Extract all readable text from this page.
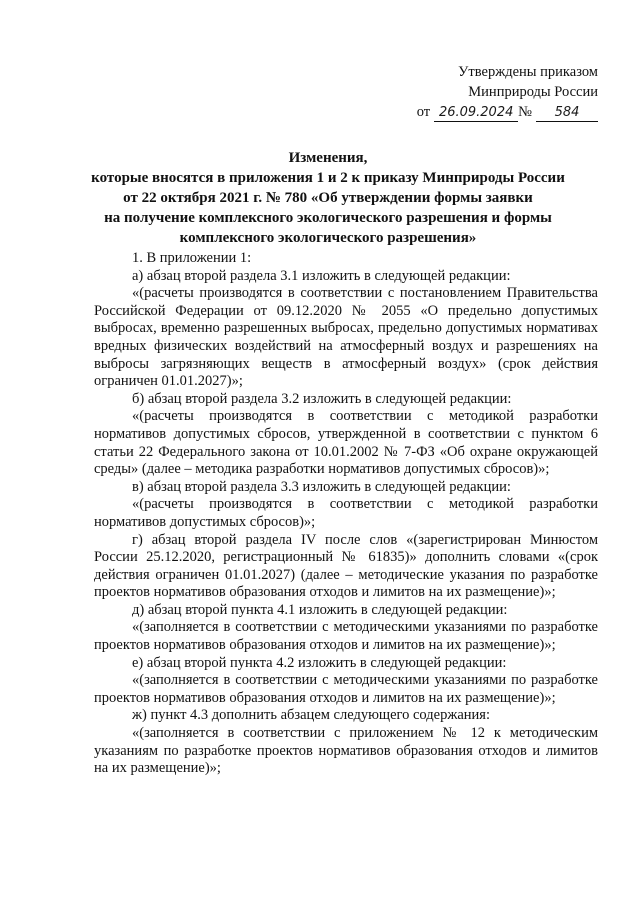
Утверждены приказом
Минприроды России
от 26.09.2024 № 584
Изменения,
которые вносятся в приложения 1 и 2 к приказу Минприроды России
от 22 октября 2021 г. № 780 «Об утверждении формы заявки
на получение комплексного экологического разрешения и формы
комплексного экологического разрешения»
1. В приложении 1:
а) абзац второй раздела 3.1 изложить в следующей редакции:
«(расчеты производятся в соответствии с постановлением Правительства Российской Федерации от 09.12.2020 № 2055 «О предельно допустимых выбросах, временно разрешенных выбросах, предельно допустимых нормативах вредных физических воздействий на атмосферный воздух и разрешениях на выбросы загрязняющих веществ в атмосферный воздух» (срок действия ограничен 01.01.2027)»;
б) абзац второй раздела 3.2 изложить в следующей редакции:
«(расчеты производятся в соответствии с методикой разработки нормативов допустимых сбросов, утвержденной в соответствии с пунктом 6 статьи 22 Федерального закона от 10.01.2002 № 7-ФЗ «Об охране окружающей среды» (далее – методика разработки нормативов допустимых сбросов)»;
в) абзац второй раздела 3.3 изложить в следующей редакции:
«(расчеты производятся в соответствии с методикой разработки нормативов допустимых сбросов)»;
г) абзац второй раздела IV после слов «(зарегистрирован Минюстом России 25.12.2020, регистрационный № 61835)» дополнить словами «(срок действия ограничен 01.01.2027) (далее – методические указания по разработке проектов нормативов образования отходов и лимитов на их размещение)»;
д) абзац второй пункта 4.1 изложить в следующей редакции:
«(заполняется в соответствии с методическими указаниями по разработке проектов нормативов образования отходов и лимитов на их размещение)»;
е) абзац второй пункта 4.2 изложить в следующей редакции:
«(заполняется в соответствии с методическими указаниями по разработке проектов нормативов образования отходов и лимитов на их размещение)»;
ж) пункт 4.3 дополнить абзацем следующего содержания:
«(заполняется в соответствии с приложением № 12 к методическим указаниям по разработке проектов нормативов образования отходов и лимитов на их размещение)»;
